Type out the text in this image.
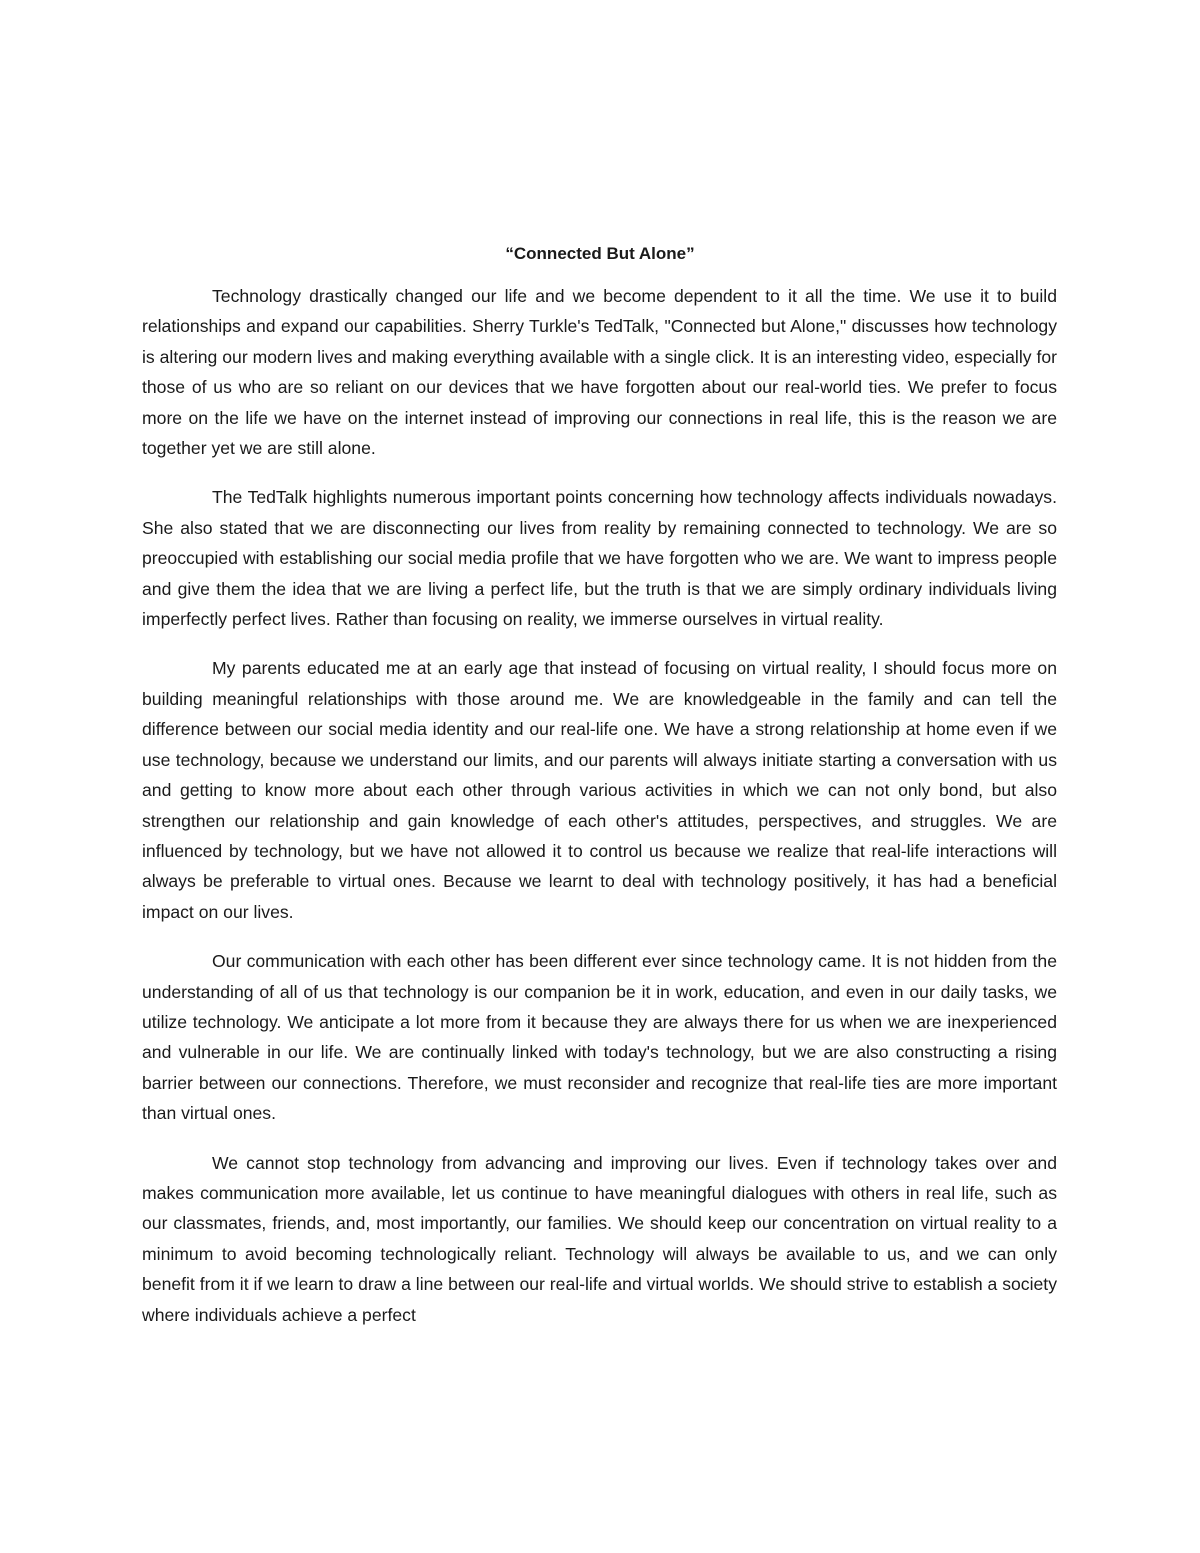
“Connected But Alone”

Technology drastically changed our life and we become dependent to it all the time. We use it to build relationships and expand our capabilities. Sherry Turkle's TedTalk, "Connected but Alone," discusses how technology is altering our modern lives and making everything available with a single click. It is an interesting video, especially for those of us who are so reliant on our devices that we have forgotten about our real-world ties. We prefer to focus more on the life we have on the internet instead of improving our connections in real life, this is the reason we are together yet we are still alone.

The TedTalk highlights numerous important points concerning how technology affects individuals nowadays. She also stated that we are disconnecting our lives from reality by remaining connected to technology. We are so preoccupied with establishing our social media profile that we have forgotten who we are. We want to impress people and give them the idea that we are living a perfect life, but the truth is that we are simply ordinary individuals living imperfectly perfect lives. Rather than focusing on reality, we immerse ourselves in virtual reality.

My parents educated me at an early age that instead of focusing on virtual reality, I should focus more on building meaningful relationships with those around me. We are knowledgeable in the family and can tell the difference between our social media identity and our real-life one. We have a strong relationship at home even if we use technology, because we understand our limits, and our parents will always initiate starting a conversation with us and getting to know more about each other through various activities in which we can not only bond, but also strengthen our relationship and gain knowledge of each other's attitudes, perspectives, and struggles. We are influenced by technology, but we have not allowed it to control us because we realize that real-life interactions will always be preferable to virtual ones. Because we learnt to deal with technology positively, it has had a beneficial impact on our lives.

Our communication with each other has been different ever since technology came. It is not hidden from the understanding of all of us that technology is our companion be it in work, education, and even in our daily tasks, we utilize technology. We anticipate a lot more from it because they are always there for us when we are inexperienced and vulnerable in our life. We are continually linked with today's technology, but we are also constructing a rising barrier between our connections. Therefore, we must reconsider and recognize that real-life ties are more important than virtual ones.

We cannot stop technology from advancing and improving our lives. Even if technology takes over and makes communication more available, let us continue to have meaningful dialogues with others in real life, such as our classmates, friends, and, most importantly, our families. We should keep our concentration on virtual reality to a minimum to avoid becoming technologically reliant. Technology will always be available to us, and we can only benefit from it if we learn to draw a line between our real-life and virtual worlds. We should strive to establish a society where individuals achieve a perfect
